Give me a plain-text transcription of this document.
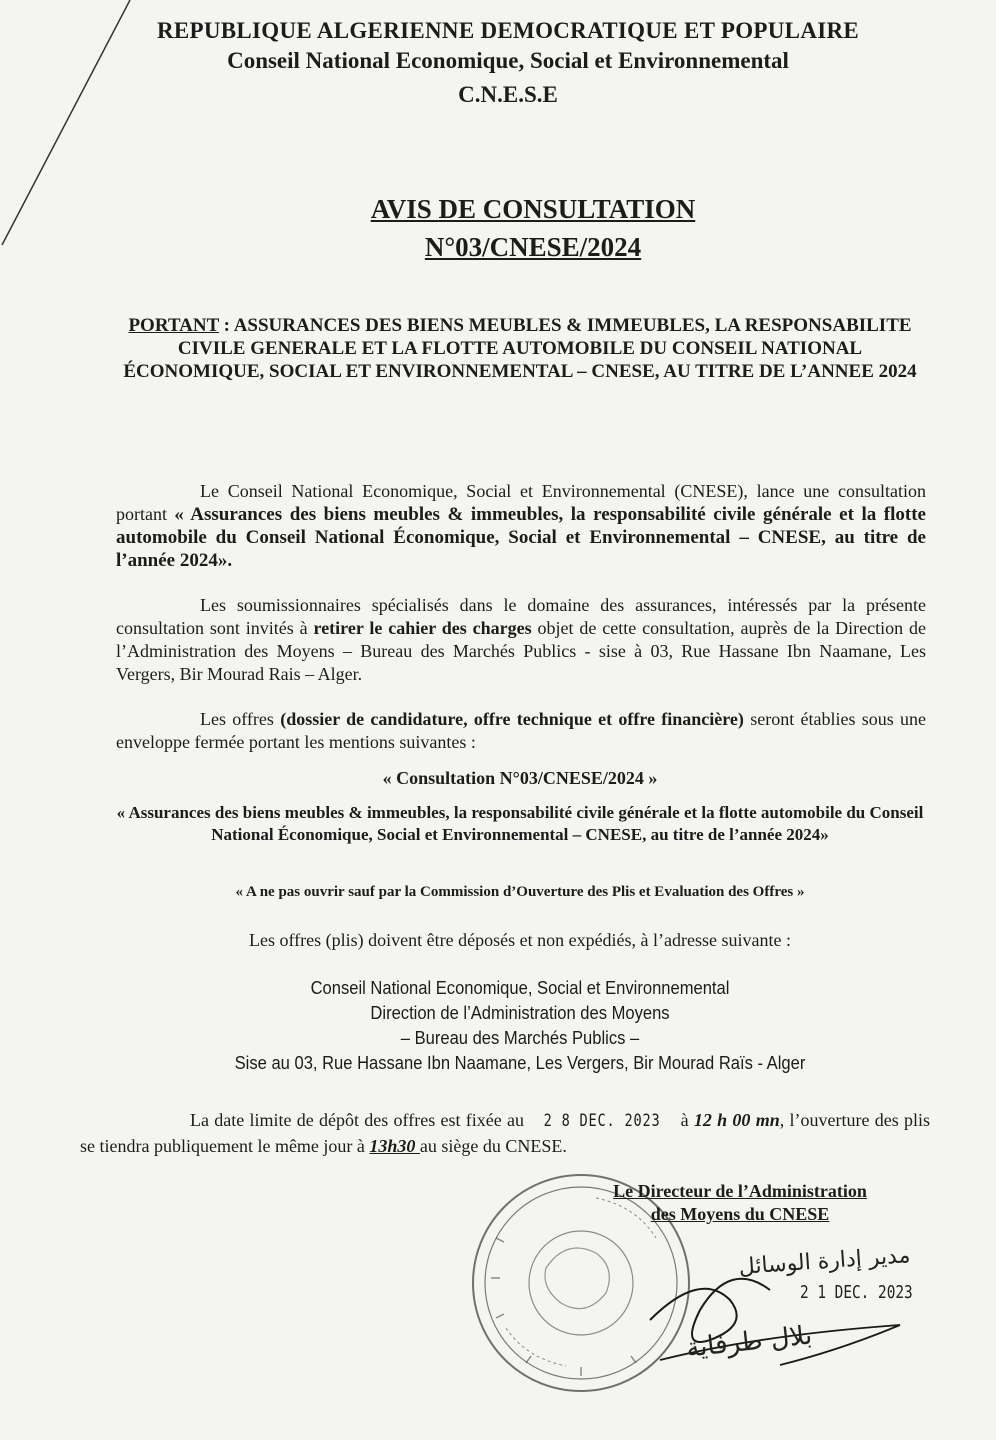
REPUBLIQUE ALGERIENNE DEMOCRATIQUE ET POPULAIRE
Conseil National Economique, Social et Environnemental
C.N.E.S.E
AVIS DE CONSULTATION
N°03/CNESE/2024
PORTANT : ASSURANCES DES BIENS MEUBLES & IMMEUBLES, LA RESPONSABILITE CIVILE GENERALE ET LA FLOTTE AUTOMOBILE DU CONSEIL NATIONAL ÉCONOMIQUE, SOCIAL ET ENVIRONNEMENTAL – CNESE, AU TITRE DE L’ANNEE 2024
Le Conseil National Economique, Social et Environnemental (CNESE), lance une consultation portant « Assurances des biens meubles & immeubles, la responsabilité civile générale et la flotte automobile du Conseil National Économique, Social et Environnemental – CNESE, au titre de l’année 2024».
Les soumissionnaires spécialisés dans le domaine des assurances, intéressés par la présente consultation sont invités à retirer le cahier des charges objet de cette consultation, auprès de la Direction de l’Administration des Moyens – Bureau des Marchés Publics - sise à 03, Rue Hassane Ibn Naamane, Les Vergers, Bir Mourad Rais – Alger.
Les offres (dossier de candidature, offre technique et offre financière) seront établies sous une enveloppe fermée portant les mentions suivantes :
« Consultation N°03/CNESE/2024 »
« Assurances des biens meubles & immeubles, la responsabilité civile générale et la flotte automobile du Conseil National Économique, Social et Environnemental – CNESE, au titre de l’année 2024»
« A ne pas ouvrir sauf par la Commission d’Ouverture des Plis et Evaluation des Offres »
Les offres (plis) doivent être déposés et non expédiés, à l’adresse suivante :
Conseil National Economique, Social et Environnemental
Direction de l’Administration des Moyens
– Bureau des Marchés Publics –
Sise au 03, Rue Hassane Ibn Naamane, Les Vergers, Bir Mourad Raïs - Alger
La date limite de dépôt des offres est fixée au 2 8 DEC. 2023 à 12 h 00 mn, l’ouverture des plis se tiendra publiquement le même jour à 13h30 au siège du CNESE.
Le Directeur de l’Administration
des Moyens du CNESE
مدير إدارة الوسائل
بلال طرفاية
2 1 DEC. 2023
